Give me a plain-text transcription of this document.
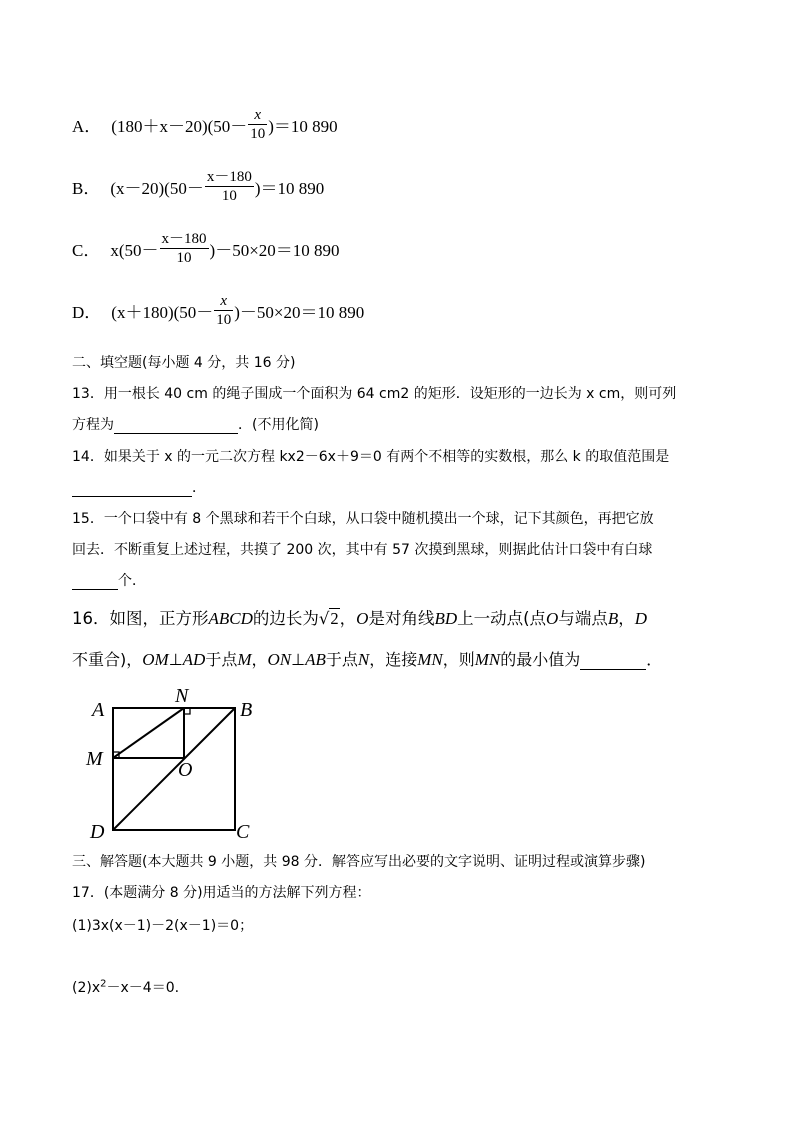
A． $(180+x-20)(50- \frac{x}{10} )=10$ 890
B． $(x-20)(50- \frac{x-180}{10} )=10$ 890
C． $x(50- \frac{x-180}{10} )-50\times 20=10$ 890
D． $(x+180)(50- \frac{x}{10} )-50\times 20=10$ 890
二、填空题(每小题 4 分，共 16 分)
13．用一根长 40 cm 的绳子围成一个面积为 64 cm2 的矩形．设矩形的一边长为 x cm，则可列
方程为	．(不用化简)
14．如果关于 x 的一元二次方程 kx2－6x＋9＝0 有两个不相等的实数根，那么 k 的取值范围是
．
15．一个口袋中有 8 个黑球和若干个白球，从口袋中随机摸出一个球，记下其颜色，再把它放
回去．不断重复上述过程，共摸了 200 次，其中有 57 次摸到黑球，则据此估计口袋中有白球
个．
16．如图，正方形ABCD的边长为√2，O是对角线BD上一动点(点O与端点B，D
不重合)，OM⊥AD于点M，ON⊥AB于点N，连接MN，则MN的最小值为	．
A	B
C
D
M
N
O
三、解答题(本大题共 9 小题，共 98 分．解答应写出必要的文字说明、证明过程或演算步骤)
17．(本题满分 8 分)用适当的方法解下列方程：
(1)3x(x－1)－2(x－1)＝0；
$(2)x^2-x-4=0$.
